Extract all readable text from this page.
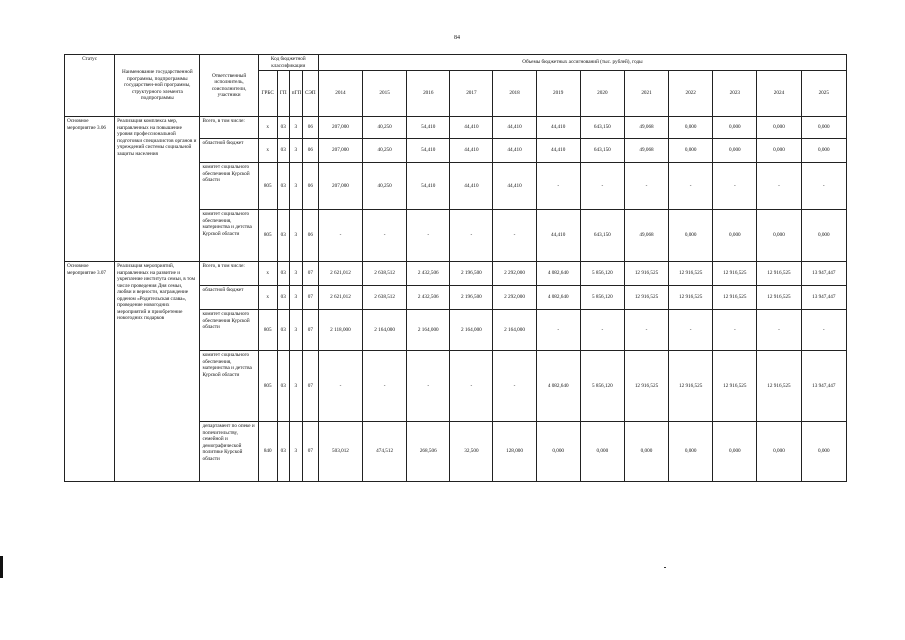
84
Статус	Наименование государственной программы, подпрограммы государствен-ной программы, структурного элемента подпрограммы	Ответственный исполнитель, соисполнители, участники	Код бюджетной классификации				Объемы бюджетных ассигнований (тыс. рублей), годы											
			ГРБС	ГП	пГП	СЭП	2014	2015	2016	2017	2018	2019	2020	2021	2022	2023	2024	2025
Основное мероприятие 3.06	Реализация комплекса мер, направленных на повышение уровня профессиональной подготовки специалистов органов и учреждений системы социальной защиты населения	Всего, в том числе:	х	03	3	06	207,000	40,250	54,410	44,410	44,410	44,410	643,150	49,068	0,000	0,000	0,000	0,000
		областной бюджет	х	03	3	06	207,000	40,250	54,410	44,410	44,410	44,410	643,150	49,068	0,000	0,000	0,000	0,000
		комитет социального обеспечения Курской области	805	03	3	06	207,000	40,250	54,410	44,410	44,410	-	-	-	-	-	-	-
		комитет социального обеспечения, материнства и детства Курской области	805	03	3	06	-	-	-	-	-	44,410	643,150	49,068	0,000	0,000	0,000	0,000
Основное мероприятие 3.07	Реализация мероприятий, направленных на развитие и укрепление института семьи, в том числе проведения Дня семьи, любви и верности, награждение орденом «Родительская слава», проведение новогодних мероприятий и приобретение новогодних подарков	Всего, в том числе:	х	03	3	07	2 621,012	2 638,512	2 432,506	2 196,500	2 292,000	4 082,640	5 856,120	12 916,525	12 916,525	12 916,525	12 916,525	13 947,447
		областной бюджет	х	03	3	07	2 621,012	2 638,512	2 432,506	2 196,500	2 292,000	4 082,640	5 856,120	12 916,525	12 916,525	12 916,525	12 916,525	13 947,447
		комитет социального обеспечения Курской области	805	03	3	07	2 118,000	2 164,000	2 164,000	2 164,000	2 164,000	-	-	-	-	-	-	-
		комитет социального обеспечения, материнства и детства Курской области	805	03	3	07	-	-	-	-	-	4 082,640	5 856,120	12 916,525	12 916,525	12 916,525	12 916,525	13 947,447
		департамент по опеке и попечительству, семейной и демографической политике Курской области	840	03	3	07	503,012	474,512	268,506	32,500	128,000	0,000	0,000	0,000	0,000	0,000	0,000	0,000
